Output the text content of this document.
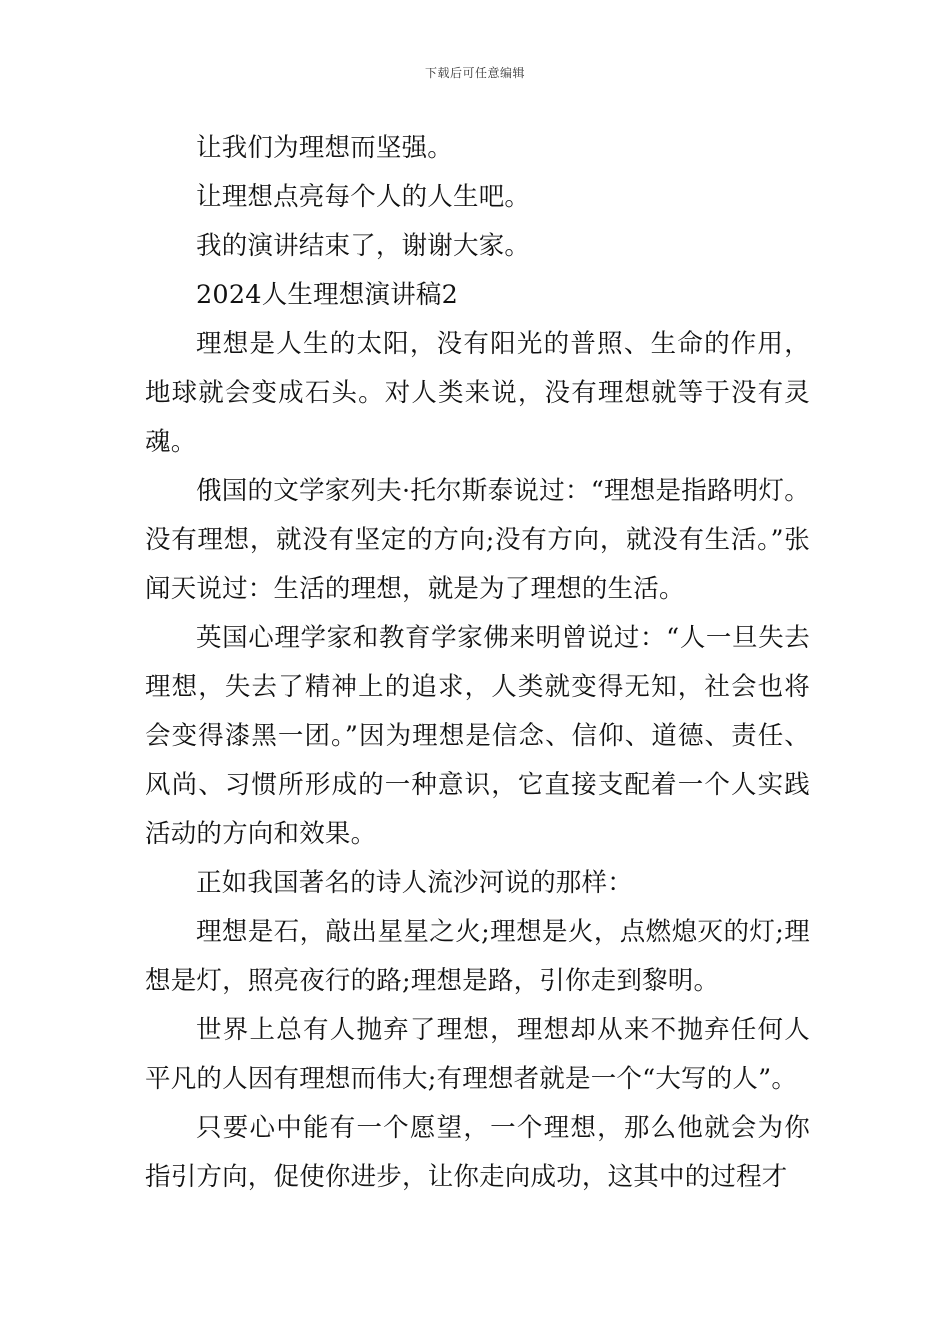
下载后可任意编辑

让我们为理想而坚强。

让理想点亮每个人的人生吧。

我的演讲结束了，谢谢大家。

2024人生理想演讲稿2

理想是人生的太阳，没有阳光的普照、生命的作用，地球就会变成石头。对人类来说，没有理想就等于没有灵魂。

俄国的文学家列夫·托尔斯泰说过：“理想是指路明灯。没有理想，就没有坚定的方向;没有方向，就没有生活。”张闻天说过：生活的理想，就是为了理想的生活。

英国心理学家和教育学家佛来明曾说过：“人一旦失去理想，失去了精神上的追求，人类就变得无知，社会也将会变得漆黑一团。”因为理想是信念、信仰、道德、责任、风尚、习惯所形成的一种意识，它直接支配着一个人实践活动的方向和效果。

正如我国著名的诗人流沙河说的那样：

理想是石，敲出星星之火;理想是火，点燃熄灭的灯;理想是灯，照亮夜行的路;理想是路，引你走到黎明。

世界上总有人抛弃了理想，理想却从来不抛弃任何人平凡的人因有理想而伟大;有理想者就是一个“大写的人”。

只要心中能有一个愿望，一个理想，那么他就会为你指引方向，促使你进步，让你走向成功，这其中的过程才
